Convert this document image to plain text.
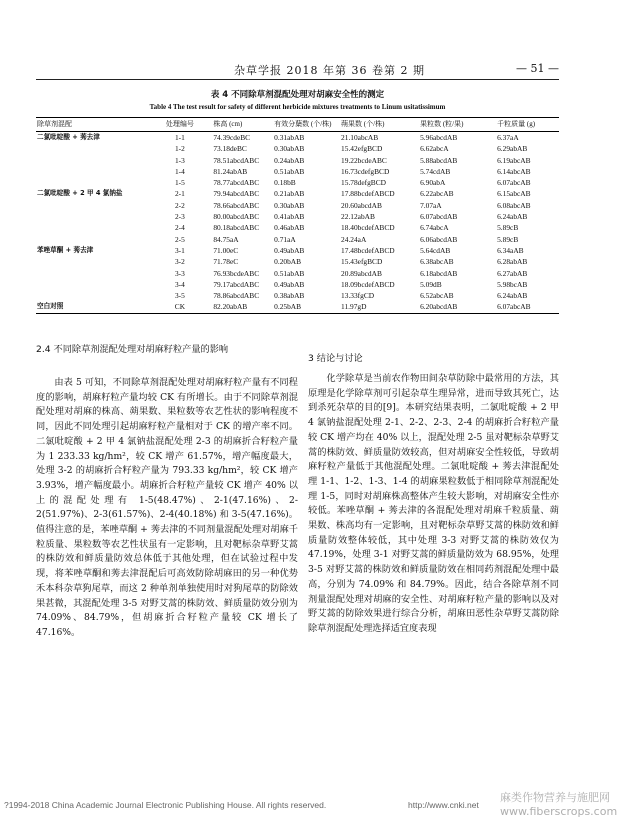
杂草学报 2018 年第 36 卷第 2 期	— 51 —
表 4 不同除草剂混配处理对胡麻安全性的测定
Table 4 The test result for safety of different herbicide mixtures treatments to Linum usitatissimum
除草剂混配	处理编号	株高 (cm)	有效分蘖数 (个/株)	蒴果数 (个/株)	果粒数 (粒/果)	千粒质量 (g)
二氯吡啶酸 + 莠去津	1-1	74.39cdeBC	0.31abAB	21.10abcAB	5.96abcdAB	6.37aA
	1-2	73.18deBC	0.30abAB	15.42efgBCD	6.62abcA	6.29abAB
	1-3	78.51abcdABC	0.24abAB	19.22bcdeABC	5.88abcdAB	6.19abcAB
	1-4	81.24abAB	0.51abAB	16.73cdefgBCD	5.74cdAB	6.14abcAB
	1-5	78.77abcdABC	0.18bB	15.78defgBCD	6.90abA	6.07abcAB
二氯吡啶酸 + 2 甲 4 氯钠盐	2-1	79.94abcdABC	0.21abAB	17.88bcdefABCD	6.22abcAB	6.15abcAB
	2-2	78.66abcdABC	0.30abAB	20.60abcdAB	7.07aA	6.08abcAB
	2-3	80.00abcdABC	0.41abAB	22.12abAB	6.07abcdAB	6.24abAB
	2-4	80.18abcdABC	0.46abAB	18.40bcdefABCD	6.74abcA	5.89cB
	2-5	84.75aA	0.71aA	24.24aA	6.06abcdAB	5.89cB
苯唑草酮 + 莠去津	3-1	71.00eC	0.49abAB	17.48bcdefABCD	5.64cdAB	6.34aAB
	3-2	71.78eC	0.20bAB	15.43efgBCD	6.38abcAB	6.28abAB
	3-3	76.93bcdeABC	0.51abAB	20.89abcdAB	6.18abcdAB	6.27abAB
	3-4	79.17abcdABC	0.49abAB	18.09bcdefABCD	5.09dB	5.98bcAB
	3-5	78.86abcdABC	0.38abAB	13.33fgCD	6.52abcAB	6.24abAB
空白对照	CK	82.20abAB	0.25bAB	11.97gD	6.20abcdAB	6.07abcAB
2.4 不同除草剂混配处理对胡麻籽粒产量的影响

由表 5 可知，不同除草剂混配处理对胡麻籽粒产量有不同程度的影响，胡麻籽粒产量均较 CK 有所增长。由于不同除草剂混配处理对胡麻的株高、蒴果数、果粒数等农艺性状的影响程度不同，因此不同处理引起胡麻籽粒产量相对于 CK 的增产率不同。二氯吡啶酸 + 2 甲 4 氯钠盐混配处理 2-3 的胡麻折合籽粒产量为 1 233.33 kg/hm²，较 CK 增产 61.57%，增产幅度最大，处理 3-2 的胡麻折合籽粒产量为 793.33 kg/hm²，较 CK 增产 3.93%，增产幅度最小。胡麻折合籽粒产量较 CK 增产 40% 以上的混配处理有 1-5(48.47%)、2-1(47.16%)、2-2(51.97%)、2-3(61.57%)、2-4(40.18%) 和 3-5(47.16%)。值得注意的是，苯唑草酮 + 莠去津的不同剂量混配处理对胡麻千粒质量、果粒数等农艺性状虽有一定影响，且对靶标杂草野艾蒿的株防效和鲜质量防效总体低于其他处理，但在试验过程中发现，将苯唑草酮和莠去津混配后可高效防除胡麻田的另一种优势禾本科杂草狗尾草，而这 2 种单剂单独使用时对狗尾草的防除效果甚微，其混配处理 3-5 对野艾蒿的株防效、鲜质量防效分别为 74.09%、84.79%，但胡麻折合籽粒产量较 CK 增长了 47.16%。

3 结论与讨论

化学除草是当前农作物田间杂草防除中最常用的方法，其原理是化学除草剂可引起杂草生理异常，进而导致其死亡，达到杀死杂草的目的[9]。本研究结果表明，二氯吡啶酸 + 2 甲 4 氯钠盐混配处理 2-1、2-2、2-3、2-4 的胡麻折合籽粒产量较 CK 增产均在 40% 以上，混配处理 2-5 虽对靶标杂草野艾蒿的株防效、鲜质量防效较高，但对胡麻安全性较低，导致胡麻籽粒产量低于其他混配处理。二氯吡啶酸 + 莠去津混配处理 1-1、1-2、1-3、1-4 的胡麻果粒数低于相同除草剂混配处理 1-5，同时对胡麻株高整体产生较大影响，对胡麻安全性亦较低。苯唑草酮 + 莠去津的各混配处理对胡麻千粒质量、蒴果数、株高均有一定影响，且对靶标杂草野艾蒿的株防效和鲜质量防效整体较低，其中处理 3-3 对野艾蒿的株防效仅为 47.19%，处理 3-1 对野艾蒿的鲜质量防效为 68.95%，处理 3-5 对野艾蒿的株防效和鲜质量防效在相同药剂混配处理中最高，分别为 74.09% 和 84.79%。因此，结合各除草剂不同剂量混配处理对胡麻的安全性、对胡麻籽粒产量的影响以及对野艾蒿的防除效果进行综合分析，胡麻田恶性杂草野艾蒿防除除草剂混配处理选择适宜度表现

麻类作物营养与施肥网 www.fiberscrops.com
?1994-2018 China Academic Journal Electronic Publishing House. All rights reserved.	http://www.cnki.net
